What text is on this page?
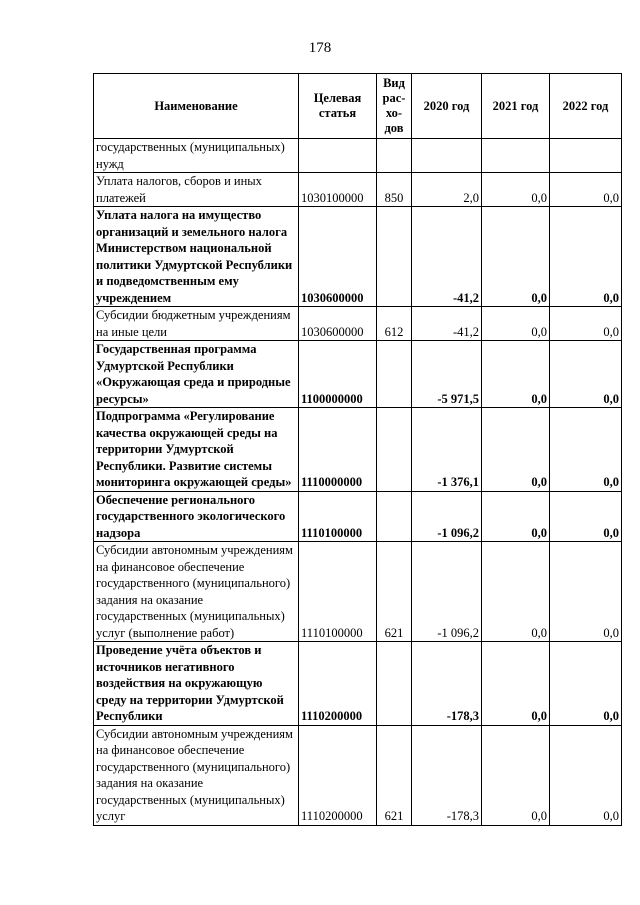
178
Наименование	Целевая статья	Вид рас-хо-дов	2020 год	2021 год	2022 год
государственных (муниципальных) нужд					
Уплата налогов, сборов и иных платежей	1030100000	850	2,0	0,0	0,0
Уплата налога на имущество организаций и земельного налога Министерством национальной политики Удмуртской Республики и подведомственным ему учреждением	1030600000		-41,2	0,0	0,0
Субсидии бюджетным учреждениям на иные цели	1030600000	612	-41,2	0,0	0,0
Государственная программа Удмуртской Республики «Окружающая среда и природные ресурсы»	1100000000		-5 971,5	0,0	0,0
Подпрограмма «Регулирование качества окружающей среды на территории Удмуртской Республики. Развитие системы мониторинга окружающей среды»	1110000000		-1 376,1	0,0	0,0
Обеспечение регионального государственного экологического надзора	1110100000		-1 096,2	0,0	0,0
Субсидии автономным учреждениям на финансовое обеспечение государственного (муниципального) задания на оказание государственных (муниципальных) услуг (выполнение работ)	1110100000	621	-1 096,2	0,0	0,0
Проведение учёта объектов и источников негативного воздействия на окружающую среду на территории Удмуртской Республики	1110200000		-178,3	0,0	0,0
Субсидии автономным учреждениям на финансовое обеспечение государственного (муниципального) задания на оказание государственных (муниципальных) услуг	1110200000	621	-178,3	0,0	0,0
